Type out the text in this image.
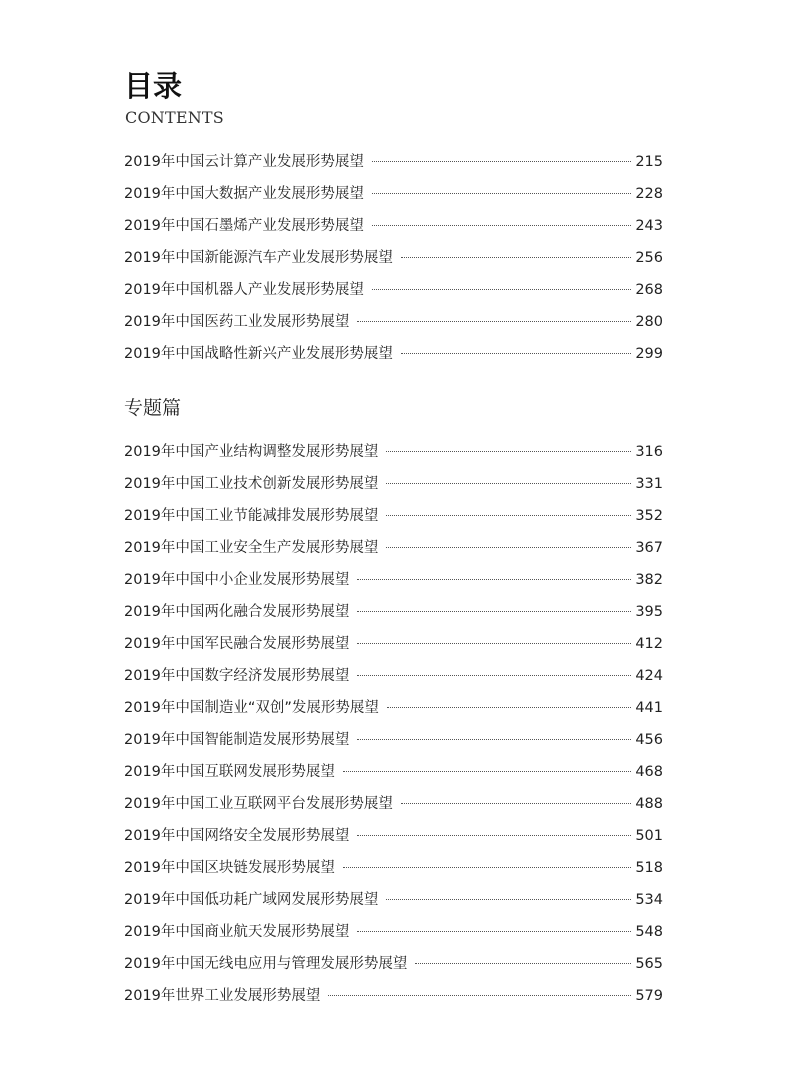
目录
CONTENTS
2019年中国云计算产业发展形势展望	215
2019年中国大数据产业发展形势展望	228
2019年中国石墨烯产业发展形势展望	243
2019年中国新能源汽车产业发展形势展望	256
2019年中国机器人产业发展形势展望	268
2019年中国医药工业发展形势展望	280
2019年中国战略性新兴产业发展形势展望	299
专题篇
2019年中国产业结构调整发展形势展望	316
2019年中国工业技术创新发展形势展望	331
2019年中国工业节能减排发展形势展望	352
2019年中国工业安全生产发展形势展望	367
2019年中国中小企业发展形势展望	382
2019年中国两化融合发展形势展望	395
2019年中国军民融合发展形势展望	412
2019年中国数字经济发展形势展望	424
2019年中国制造业“双创”发展形势展望	441
2019年中国智能制造发展形势展望	456
2019年中国互联网发展形势展望	468
2019年中国工业互联网平台发展形势展望	488
2019年中国网络安全发展形势展望	501
2019年中国区块链发展形势展望	518
2019年中国低功耗广域网发展形势展望	534
2019年中国商业航天发展形势展望	548
2019年中国无线电应用与管理发展形势展望	565
2019年世界工业发展形势展望	579
